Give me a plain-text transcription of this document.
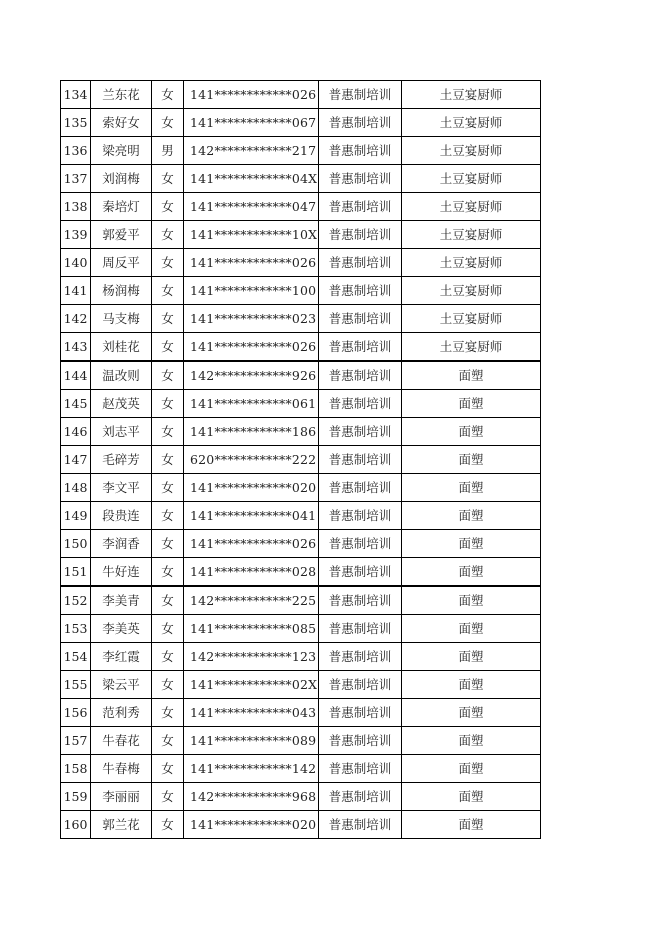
134	兰东花	女	141************026	普惠制培训	土豆宴厨师
135	索好女	女	141************067	普惠制培训	土豆宴厨师
136	梁亮明	男	142************217	普惠制培训	土豆宴厨师
137	刘润梅	女	141************04X	普惠制培训	土豆宴厨师
138	秦培灯	女	141************047	普惠制培训	土豆宴厨师
139	郭爱平	女	141************10X	普惠制培训	土豆宴厨师
140	周反平	女	141************026	普惠制培训	土豆宴厨师
141	杨润梅	女	141************100	普惠制培训	土豆宴厨师
142	马支梅	女	141************023	普惠制培训	土豆宴厨师
143	刘桂花	女	141************026	普惠制培训	土豆宴厨师
144	温改则	女	142************926	普惠制培训	面塑
145	赵茂英	女	141************061	普惠制培训	面塑
146	刘志平	女	141************186	普惠制培训	面塑
147	毛碎芳	女	620************222	普惠制培训	面塑
148	李文平	女	141************020	普惠制培训	面塑
149	段贵连	女	141************041	普惠制培训	面塑
150	李润香	女	141************026	普惠制培训	面塑
151	牛好连	女	141************028	普惠制培训	面塑
152	李美青	女	142************225	普惠制培训	面塑
153	李美英	女	141************085	普惠制培训	面塑
154	李红霞	女	142************123	普惠制培训	面塑
155	梁云平	女	141************02X	普惠制培训	面塑
156	范利秀	女	141************043	普惠制培训	面塑
157	牛春花	女	141************089	普惠制培训	面塑
158	牛春梅	女	141************142	普惠制培训	面塑
159	李丽丽	女	142************968	普惠制培训	面塑
160	郭兰花	女	141************020	普惠制培训	面塑
